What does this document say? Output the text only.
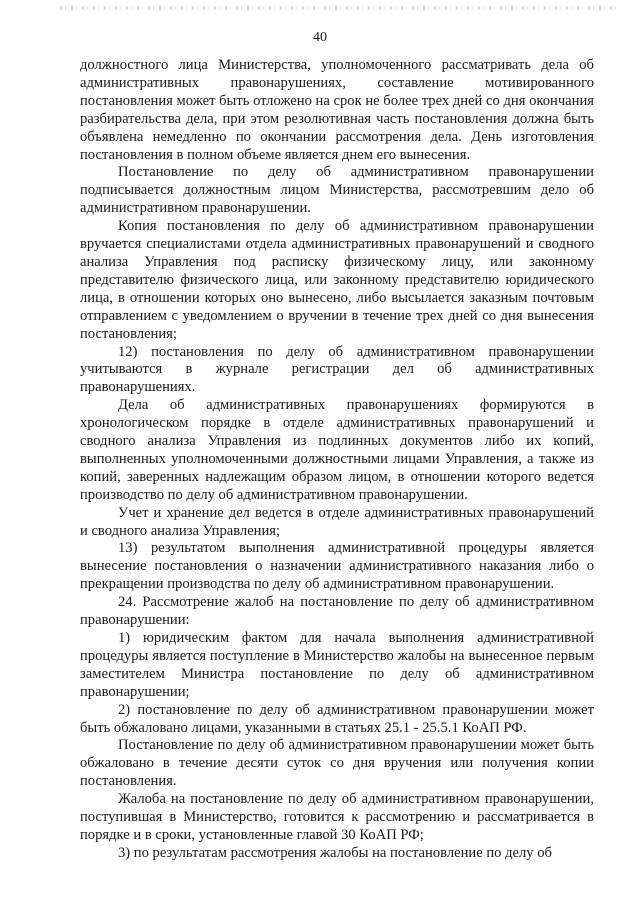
40

должностного лица Министерства, уполномоченного рассматривать дела об административных правонарушениях, составление мотивированного постановления может быть отложено на срок не более трех дней со дня окончания разбирательства дела, при этом резолютивная часть постановления должна быть объявлена немедленно по окончании рассмотрения дела. День изготовления постановления в полном объеме является днем его вынесения.

Постановление по делу об административном правонарушении подписывается должностным лицом Министерства, рассмотревшим дело об административном правонарушении.

Копия постановления по делу об административном правонарушении вручается специалистами отдела административных правонарушений и сводного анализа Управления под расписку физическому лицу, или законному представителю физического лица, или законному представителю юридического лица, в отношении которых оно вынесено, либо высылается заказным почтовым отправлением с уведомлением о вручении в течение трех дней со дня вынесения постановления;

12) постановления по делу об административном правонарушении учитываются в журнале регистрации дел об административных правонарушениях.

Дела об административных правонарушениях формируются в хронологическом порядке в отделе административных правонарушений и сводного анализа Управления из подлинных документов либо их копий, выполненных уполномоченными должностными лицами Управления, а также из копий, заверенных надлежащим образом лицом, в отношении которого ведется производство по делу об административном правонарушении.

Учет и хранение дел ведется в отделе административных правонарушений и сводного анализа Управления;

13) результатом выполнения административной процедуры является вынесение постановления о назначении административного наказания либо о прекращении производства по делу об административном правонарушении.

24. Рассмотрение жалоб на постановление по делу об административном правонарушении:

1) юридическим фактом для начала выполнения административной процедуры является поступление в Министерство жалобы на вынесенное первым заместителем Министра постановление по делу об административном правонарушении;

2) постановление по делу об административном правонарушении может быть обжаловано лицами, указанными в статьях 25.1 - 25.5.1 КоАП РФ.

Постановление по делу об административном правонарушении может быть обжаловано в течение десяти суток со дня вручения или получения копии постановления.

Жалоба на постановление по делу об административном правонарушении, поступившая в Министерство, готовится к рассмотрению и рассматривается в порядке и в сроки, установленные главой 30 КоАП РФ;

3) по результатам рассмотрения жалобы на постановление по делу об
